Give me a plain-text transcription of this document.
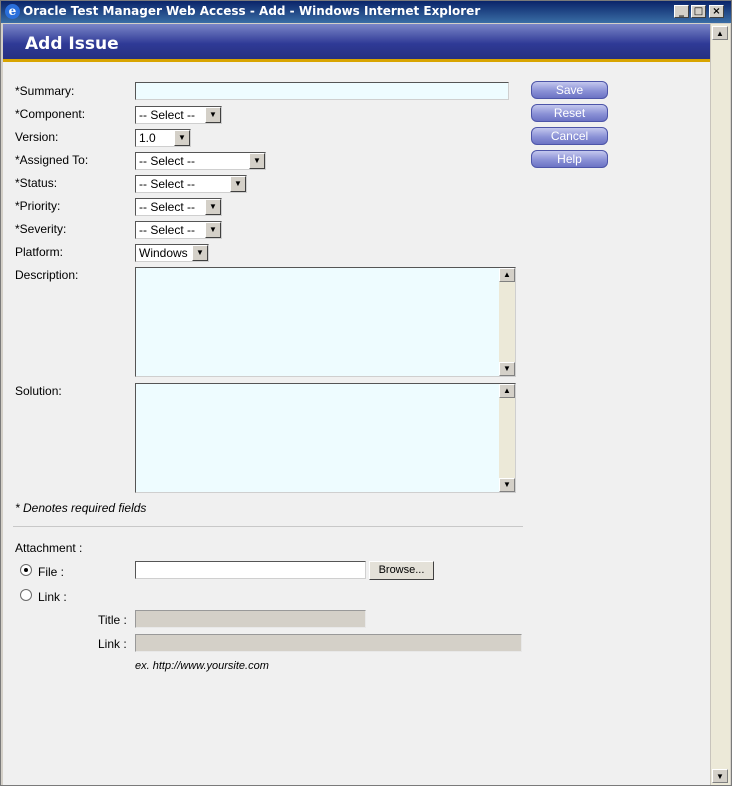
e Oracle Test Manager Web Access - Add - Windows Internet Explorer	_ □ ×
Add Issue
*Summary:
*Component:	-- Select --	▼
Version:	1.0	▼
*Assigned To:	-- Select --	▼
*Status:	-- Select --	▼
*Priority:	-- Select --	▼
*Severity:	-- Select --	▼
Platform:	Windows	▼
Description:	▲
▼
Solution:	▲
▼
Save
Reset
Cancel
Help
* Denotes required fields
Attachment :
File :	Browse...
Link :
Title :
Link :
ex. http://www.yoursite.com
▲
▼
